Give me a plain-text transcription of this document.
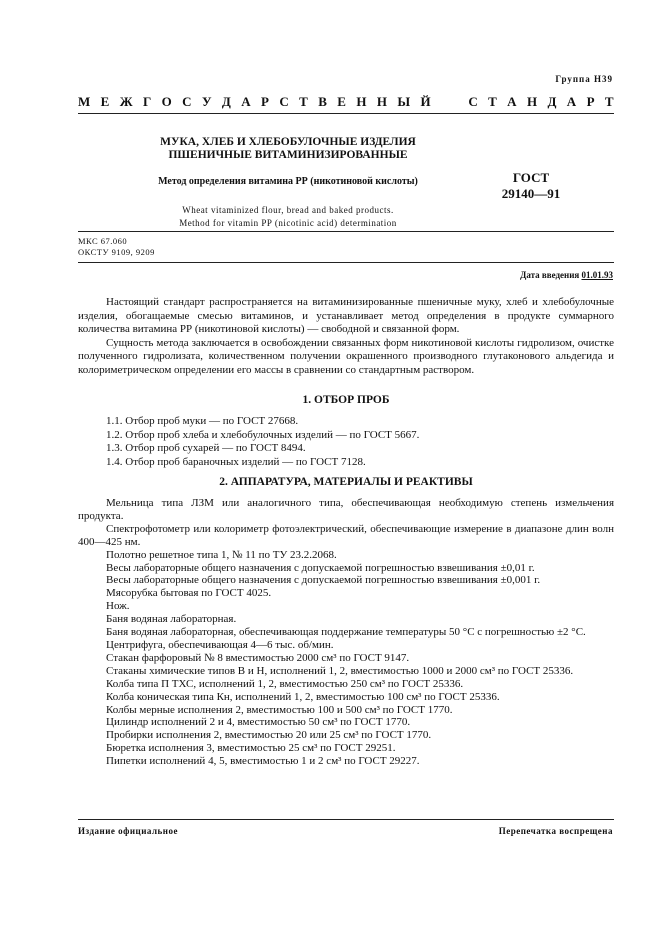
Группа Н39
М Е Ж Г О С У Д А Р С Т В Е Н Н Ы Й

	С Т А Н Д А Р Т
МУКА, ХЛЕБ И ХЛЕБОБУЛОЧНЫЕ ИЗДЕЛИЯ
ПШЕНИЧНЫЕ ВИТАМИНИЗИРОВАННЫЕ
Метод определения витамина РР (никотиновой кислоты)
Wheat vitaminized flour, bread and baked products.
Method for vitamin PP (nicotinic acid) determination
ГОСТ
29140—91
МКС 67.060
ОКСТУ 9109, 9209
Дата введения 01.01.93

Настоящий стандарт распространяется на витаминизированные пшеничные муку, хлеб и хлебобулочные изделия, обогащаемые смесью витаминов, и устанавливает метод определения в продукте суммарного количества витамина РР (никотиновой кислоты) — свободной и связанной форм.

Сущность метода заключается в освобождении связанных форм никотиновой кислоты гидролизом, очистке полученного гидролизата, количественном получении окрашенного производного глутаконового альдегида и колориметрическом определении его массы в сравнении со стандартным раствором.

1. ОТБОР ПРОБ

1.1. Отбор проб муки — по ГОСТ 27668.

1.2. Отбор проб хлеба и хлебобулочных изделий — по ГОСТ 5667.

1.3. Отбор проб сухарей — по ГОСТ 8494.

1.4. Отбор проб бараночных изделий — по ГОСТ 7128.

2. АППАРАТУРА, МАТЕРИАЛЫ И РЕАКТИВЫ

Мельница типа ЛЗМ или аналогичного типа, обеспечивающая необходимую степень измельчения продукта.

Спектрофотометр или колориметр фотоэлектрический, обеспечивающие измерение в диапазоне длин волн 400—425 нм.

Полотно решетное типа 1, № 11 по ТУ 23.2.2068.

Весы лабораторные общего назначения с допускаемой погрешностью взвешивания ±0,01 г.

Весы лабораторные общего назначения с допускаемой погрешностью взвешивания ±0,001 г.

Мясорубка бытовая по ГОСТ 4025.

Нож.

Баня водяная лабораторная.

Баня водяная лабораторная, обеспечивающая поддержание температуры 50 °С с погрешностью ±2 °С.

Центрифуга, обеспечивающая 4—6 тыс. об/мин.

Стакан фарфоровый № 8 вместимостью 2000 см³ по ГОСТ 9147.

Стаканы химические типов В и Н, исполнений 1, 2, вместимостью 1000 и 2000 см³ по ГОСТ 25336.

Колба типа П ТХС, исполнений 1, 2, вместимостью 250 см³ по ГОСТ 25336.

Колба коническая типа Кн, исполнений 1, 2, вместимостью 100 см³ по ГОСТ 25336.

Колбы мерные исполнения 2, вместимостью 100 и 500 см³ по ГОСТ 1770.

Цилиндр исполнений 2 и 4, вместимостью 50 см³ по ГОСТ 1770.

Пробирки исполнения 2, вместимостью 20 или 25 см³ по ГОСТ 1770.

Бюретка исполнения 3, вместимостью 25 см³ по ГОСТ 29251.

Пипетки исполнений 4, 5, вместимостью 1 и 2 см³ по ГОСТ 29227.

Издание официальное	Перепечатка воспрещена
